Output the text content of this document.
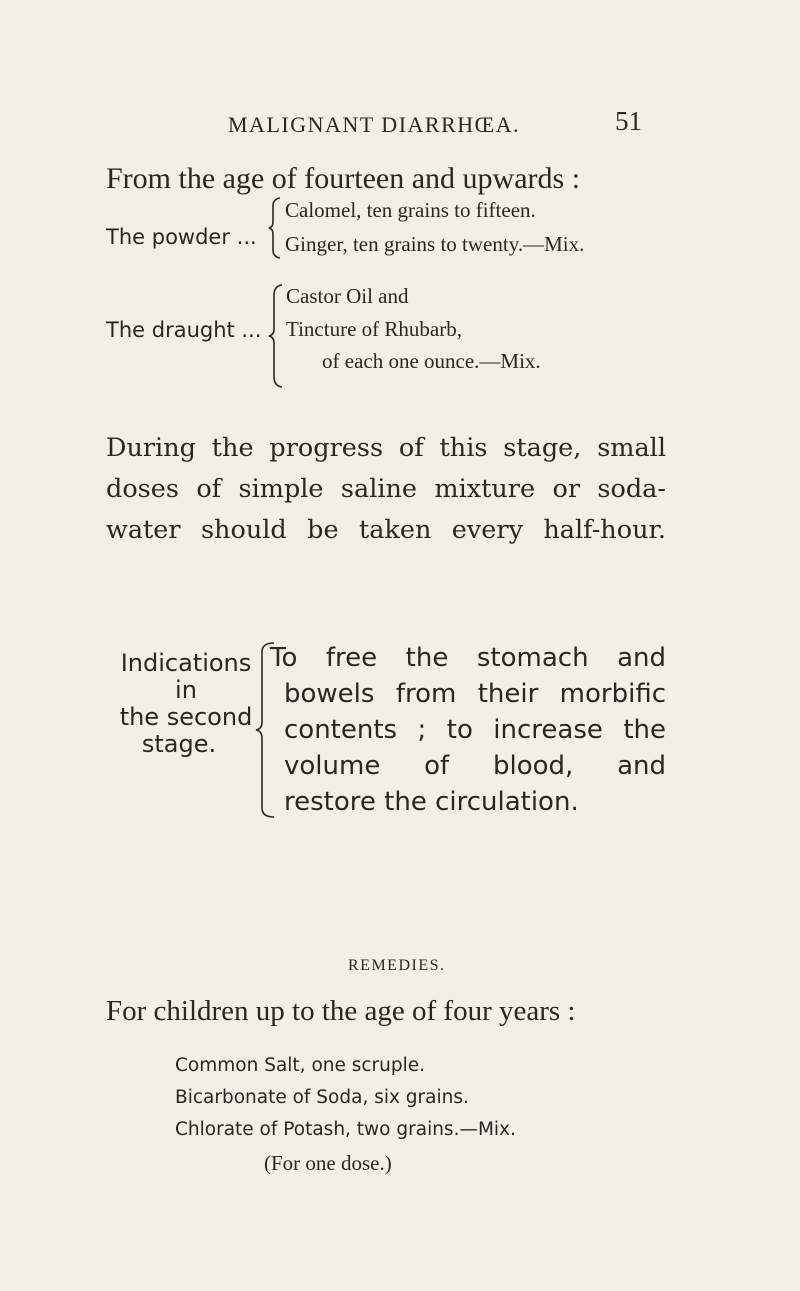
MALIGNANT DIARRHŒA.	51
From the age of fourteen and upwards :
The powder ...
Calomel, ten grains to fifteen.
Ginger, ten grains to twenty.—Mix.
The draught ...
Castor Oil and
Tincture of Rhubarb,
of each one ounce.—Mix.
During the progress of this stage, small
doses of simple saline mixture or soda-
water should be taken every half-hour.
Indications
in
the second
stage.
To free the stomach and
bowels from their morbific
contents ; to increase the
volume of blood, and
restore the circulation.
REMEDIES.
For children up to the age of four years :
Common Salt, one scruple.
Bicarbonate of Soda, six grains.
Chlorate of Potash, two grains.—Mix.
(For one dose.)
